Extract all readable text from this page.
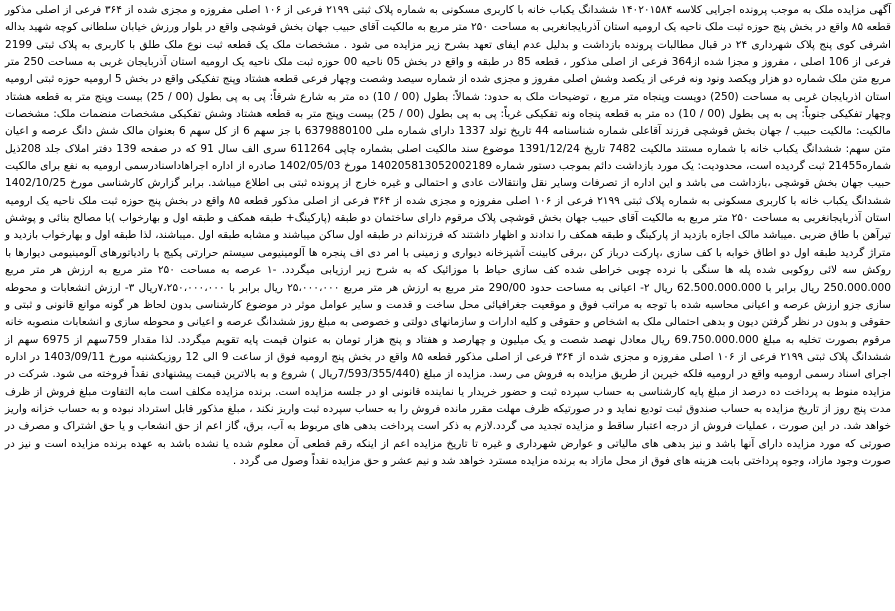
آگهی مزایده ملک به موجب پرونده اجرایی کلاسه ۱۴۰۲۰۱۵۸۴ ششدانگ یکباب خانه با کاربری مسکونی به شماره پلاک ثبتی ۲۱۹۹ فرعی از ۱۰۶ اصلی مفروزه و مجزی شده از ۳۶۴ فرعی از اصلی مذکور قطعه ۸۵ واقع در بخش پنج حوزه ثبت ملک ناحیه یک ارومیه استان آذربایجانغربی به مساحت ۲۵۰ متر مربع به مالکیت آقای حبیب جهان بخش قوشچی واقع در بلوار ورزش خیابان سلطانی کوچه شهید بداله اشرفی کوی پنج پلاک شهرداری ۲۴ در قبال مطالبات پرونده بازداشت و بدلیل عدم ایفای تعهد بشرح زیر مزایده می شود . مشخصات ملک یک قطعه ثبت نوع ملک طلق با کاربری به پلاک ثبتی 2199 فرعی از 106 اصلی ، مفروز و مجزا شده از364 فرعی از اصلی مذکور ، قطعه 85 در طبقه و واقع در بخش 05 ناحیه 00 حوزه ثبت ملک ناحیه یک ارومیه استان آذربایجان غربی به مساحت 250 متر مربع متن ملک شماره دو هزار ویکصد ونود ونه فرعی از یکصد وشش اصلی مفروز و مجزی شده از شماره سیصد وشصت وچهار فرعی قطعه هشتاد وپنج تفکیکی واقع در بخش 5 ارومیه حوزه ثبتی ارومیه استان اذربایجان غربی به مساحت (250) دویست وپنجاه متر مربع ، توضیحات ملک به حدود: شمالاً: بطول (00 / 10) ده متر به شارع شرقاً: پی به پی بطول (00 / 25) بیست وپنج متر به قطعه هشتاد وچهار تفکیکی جنوباً: پی به پی بطول (00 / 10) ده متر به قطعه پنجاه ونه تفکیکی غرباً: پی به پی بطول (00 / 25) بیست وپنج متر به قطعه هشتاد وشش تفکیکی مشخصات منضمات ملک: مشخصات مالکیت: مالکیت حبیب / جهان بخش قوشچی فرزند آقاعلی شماره شناسنامه 44 تاریخ تولد 1337 دارای شماره ملی 6379880100 با جز سهم 6 از کل سهم 6 بعنوان مالک شش دانگ عرصه و اعیان متن سهم: ششدانگ یکباب خانه با شماره مستند مالکیت 7482 تاریخ 1391/12/24 موضوع سند مالکیت اصلی بشماره چاپی 611264 سری الف سال 91 که در صفحه 139 دفتر املاک جلد 208ذیل شماره21455 ثبت گردیده است، محدودیت: یک مورد بازداشت دائم بموجب دستور شماره 140205813052002189 مورخ 1402/05/03 صادره از اداره اجراهاداسنادرسمی ارومیه به نفع برای مالکیت حبیب جهان بخش قوشچی ،بازداشت می باشد و این اداره از تصرفات وسایر نقل وانتقالات عادی و احتمالی و غیره خارج از پرونده ثبتی بی اطلاع میباشد. برابر گزارش کارشناسی مورخ 1402/10/25 ششدانگ یکباب خانه با کاربری مسکونی به شماره پلاک ثبتی ۲۱۹۹ فرعی از ۱۰۶ اصلی مفروزه و مجزی شده از ۳۶۴ فرعی از اصلی مذکور قطعه ۸۵ واقع در بخش پنج حوزه ثبت ملک ناحیه یک ارومیه استان آذربایجانغربی به مساحت ۲۵۰ متر مربع به مالکیت آقای حبیب جهان بخش قوشچی پلاک مرقوم دارای ساختمان دو طبقه (پارکینگ+ طبقه همکف و طبقه اول و بهارخواب )با مصالح بنائی و پوشش تیرآهن با طاق ضربی .میباشد مالک اجازه بازدید از پارکینگ و طبقه همکف را ندادند و اظهار داشتند که فرزندانم در طبقه اول ساکن میباشند و مشابه طبقه اول .میباشند، لذا طبقه اول و بهارخواب بازدید و متراژ گردید طبقه اول دو اطاق خوابه با کف سازی ،پارکت درباز کن ،برقی کابینت آشپزخانه دیواری و زمینی با امر دی اف پنجره ها آلومینیومی سیستم حرارتی پکیج با رادیاتورهای آلومینیومی دیوارها با روکش سه لائی روکوبی شده پله ها سنگی با نرده چوبی خراطی شده کف سازی حیاط با موزائیک که به شرح زیر ارزیابی میگردد. -۱ عرصه به مساحت ۲۵۰ متر مربع به ارزش هر متر مربع 250.000.000 ریال برابر با 62.500.000.000 ریال ۲- اعیانی به مساحت حدود 290/00 متر مربع به ارزش هر متر مربع ۲۵،۰۰۰،۰۰۰ ریال برابر با ۷،۲۵۰،۰۰۰،۰۰۰ریال ۳- ارزش انشعابات و محوطه سازی جزو ارزش عرصه و اعیانی محاسبه شده با توجه به مراتب فوق و موقعیت جغرافیائی محل ساخت و قدمت و سایر عوامل موثر در موضوع کارشناسی بدون لحاظ هر گونه موانع قانونی و ثبتی و حقوقی و بدون در نظر گرفتن دیون و بدهی احتمالی ملک به اشخاص و حقوقی و کلیه ادارات و سازمانهای دولتی و خصوصی به مبلغ روز ششدانگ عرصه و اعیانی و محوطه سازی و انشعابات منصوبه خانه مرقوم بصورت تخلیه به مبلغ 69.750.000.000 ریال معادل نهصد شصت و یک میلیون و چهارصد و هفتاد و پنج هزار تومان به عنوان قیمت پایه تقویم میگردد. لذا مقدار 759سهم از 6975 سهم از ششدانگ پلاک ثبتی ۲۱۹۹ فرعی از ۱۰۶ اصلی مفروزه و مجزی شده از ۳۶۴ فرعی از اصلی مذکور قطعه ۸۵ واقع در بخش پنج ارومیه فوق از ساعت 9 الی 12 روزیکشنبه مورخ 1403/09/11 در اداره اجرای اسناد رسمی ارومیه واقع در ارومیه فلکه خیرین از طریق مزایده به فروش می رسد. مزایده از مبلغ (7/593/355/440ریال ) شروع و به بالاترین قیمت پیشنهادی نقداً فروخته می شود. شرکت در مزایده منوط به پرداخت ده درصد از مبلغ پایه کارشناسی به حساب سپرده ثبت و حضور خریدار یا نماینده قانونی او در جلسه مزایده است. برنده مزایده مکلف است مابه التفاوت مبلغ فروش از ظرف مدت پنج روز از تاریخ مزایده به حساب صندوق ثبت تودیع نماید و در صورتیکه ظرف مهلت مقرر مانده فروش را به حساب سپرده ثبت واریز نکند ، مبلغ مذکور قابل استرداد نبوده و به حساب خزانه واریز خواهد شد. در این صورت ، عملیات فروش از درجه اعتبار ساقط و مزایده تجدید می گردد.لازم به ذکر است پرداخت بدهی های مربوط به آب، برق، گاز اعم از حق انشعاب و یا حق اشتراک و مصرف در صورتی که مورد مزایده دارای آنها باشد و نیز بدهی های مالیاتی و عوارض شهرداری و غیره تا تاریخ مزایده اعم از اینکه رقم قطعی آن معلوم شده یا نشده باشد به عهده برنده مزایده است و نیز در صورت وجود مازاد، وجوه پرداختی بابت هزینه های فوق از محل مازاد به برنده مزایده مسترد خواهد شد و نیم عشر و حق مزایده نقداً وصول می گردد .
